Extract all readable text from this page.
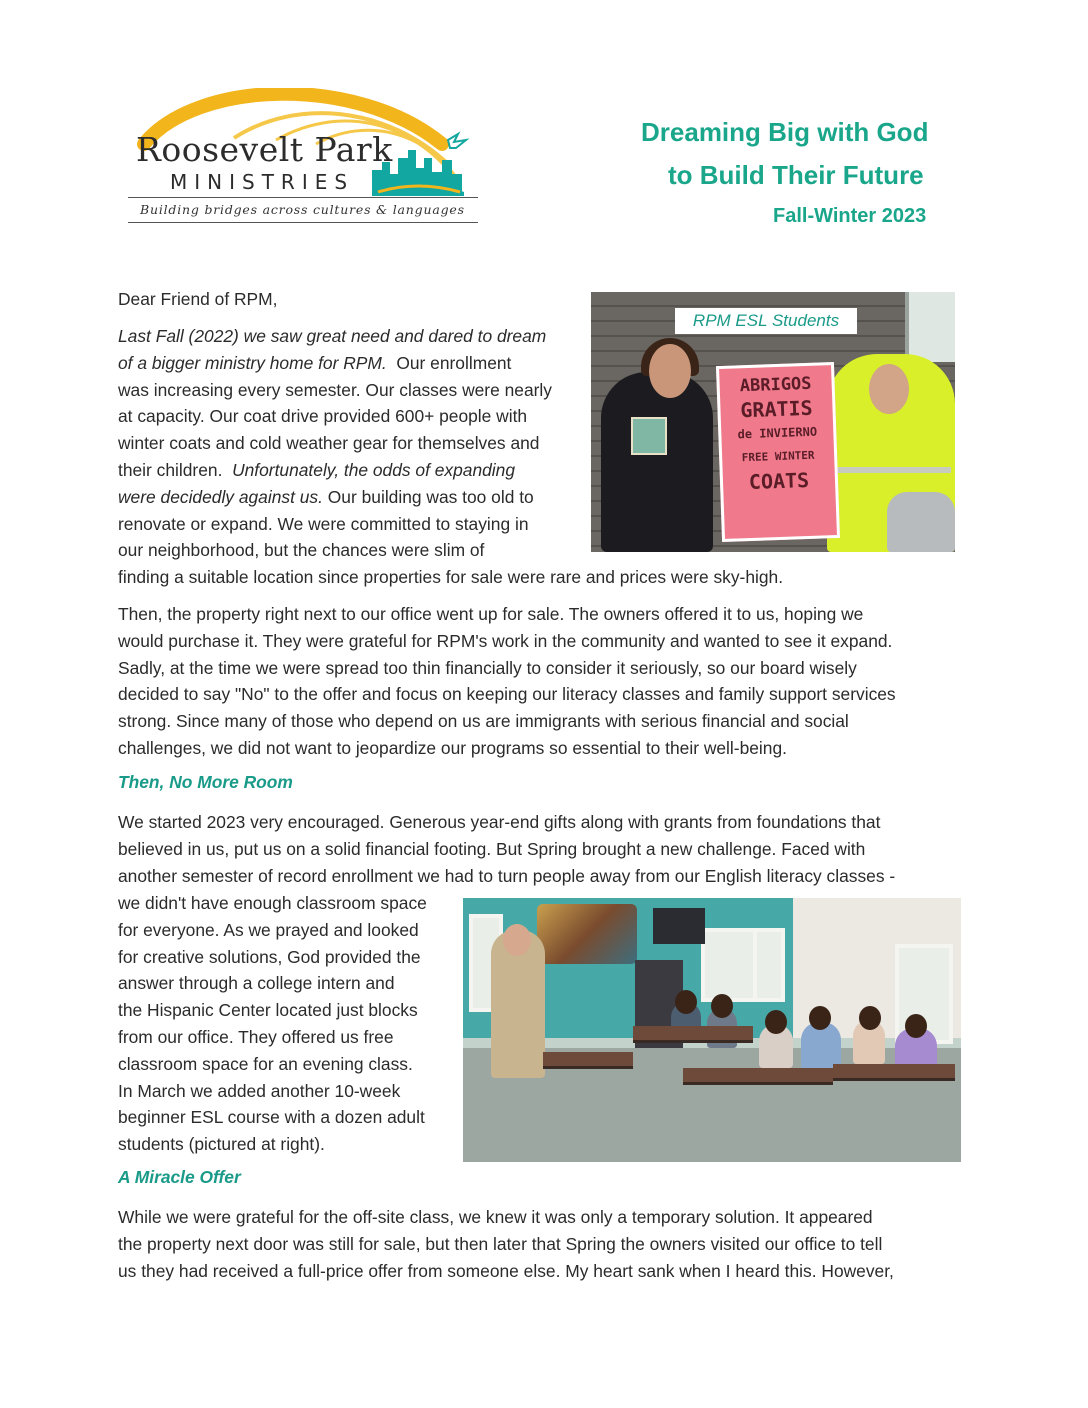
Roosevelt Park
MINISTRIES
Building bridges across cultures & languages
Dreaming Big with God
to Build Their Future
Fall-Winter 2023
ABRIGOS
GRATIS
de INVIERNO
FREE WINTER
COATS
RPM ESL Students
Dear Friend of RPM,
Last Fall (2022) we saw great need and dared to dream
of a bigger ministry home for RPM.  Our enrollment
was increasing every semester. Our classes were nearly
at capacity. Our coat drive provided 600+ people with
winter coats and cold weather gear for themselves and
their children.  Unfortunately, the odds of expanding
were decidedly against us. Our building was too old to
renovate or expand. We were committed to staying in
our neighborhood, but the chances were slim of
finding a suitable location since properties for sale were rare and prices were sky-high.
Then, the property right next to our office went up for sale. The owners offered it to us, hoping we
would purchase it. They were grateful for RPM's work in the community and wanted to see it expand.
Sadly, at the time we were spread too thin financially to consider it seriously, so our board wisely
decided to say "No" to the offer and focus on keeping our literacy classes and family support services
strong. Since many of those who depend on us are immigrants with serious financial and social
challenges, we did not want to jeopardize our programs so essential to their well-being.
Then, No More Room
We started 2023 very encouraged. Generous year-end gifts along with grants from foundations that
believed in us, put us on a solid financial footing. But Spring brought a new challenge. Faced with
another semester of record enrollment we had to turn people away from our English literacy classes -
we didn't have enough classroom space
for everyone. As we prayed and looked
for creative solutions, God provided the
answer through a college intern and
the Hispanic Center located just blocks
from our office. They offered us free
classroom space for an evening class.
In March we added another 10-week
beginner ESL course with a dozen adult
students (pictured at right).
A Miracle Offer
While we were grateful for the off-site class, we knew it was only a temporary solution. It appeared
the property next door was still for sale, but then later that Spring the owners visited our office to tell
us they had received a full-price offer from someone else. My heart sank when I heard this. However,
